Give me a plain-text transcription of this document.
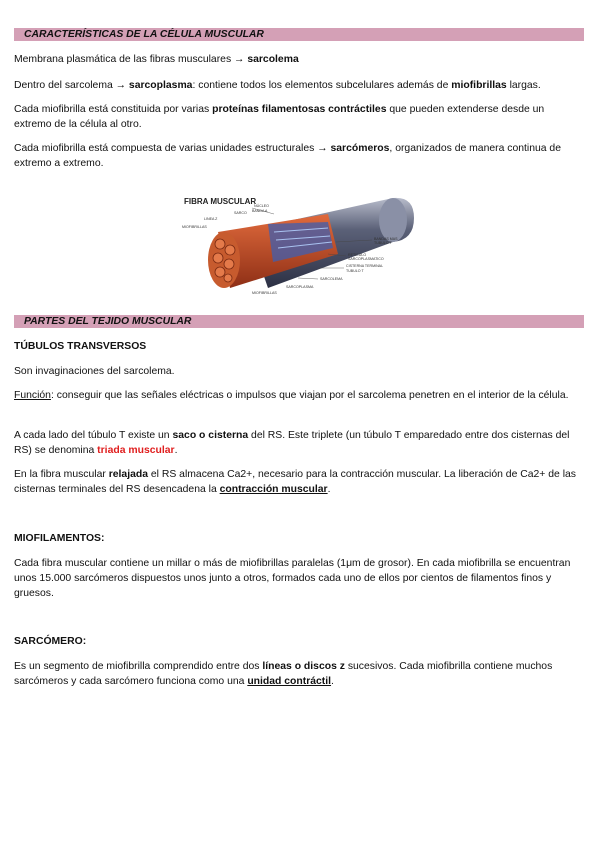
CARACTERÍSTICAS DE LA CÉLULA MUSCULAR

Membrana plasmática de las fibras musculares → sarcolema

Dentro del sarcolema → sarcoplasma: contiene todos los elementos subcelulares además de miofibrillas largas.

Cada miofibrilla está constituida por varias proteínas filamentosas contráctiles que pueden extenderse desde un extremo de la célula al otro.

Cada miofibrilla está compuesta de varias unidades estructurales → sarcómeros, organizados de manera continua de extremo a extremo.

FIBRA MUSCULAR
NÚCLEO
SARCO BANDA A
LINEA Z
MIOFIBRILLAS
BANDAS MAS
TUBULO T
RETICULO
SARCOPLASMATICO
CISTERNA TERMINAL
TUBULO T
SARCOLEMA
SARCOPLASMA
MIOFIBRILLAS
PARTES DEL TEJIDO MUSCULAR
TÚBULOS TRANSVERSOS

Son invaginaciones del sarcolema.

Función: conseguir que las señales eléctricas o impulsos que viajan por el sarcolema penetren en el interior de la célula.

A cada lado del túbulo T existe un saco o cisterna del RS. Este triplete (un túbulo T emparedado entre dos cisternas del RS) se denomina triada muscular.

En la fibra muscular relajada el RS almacena Ca2+, necesario para la contracción muscular. La liberación de Ca2+ de las cisternas terminales del RS desencadena la contracción muscular.

MIOFILAMENTOS:

Cada fibra muscular contiene un millar o más de miofibrillas paralelas (1μm de grosor). En cada miofibrilla se encuentran unos 15.000 sarcómeros dispuestos unos junto a otros, formados cada uno de ellos por cientos de filamentos finos y gruesos.

SARCÓMERO:

Es un segmento de miofibrilla comprendido entre dos líneas o discos z sucesivos. Cada miofibrilla contiene muchos sarcómeros y cada sarcómero funciona como una unidad contráctil.
